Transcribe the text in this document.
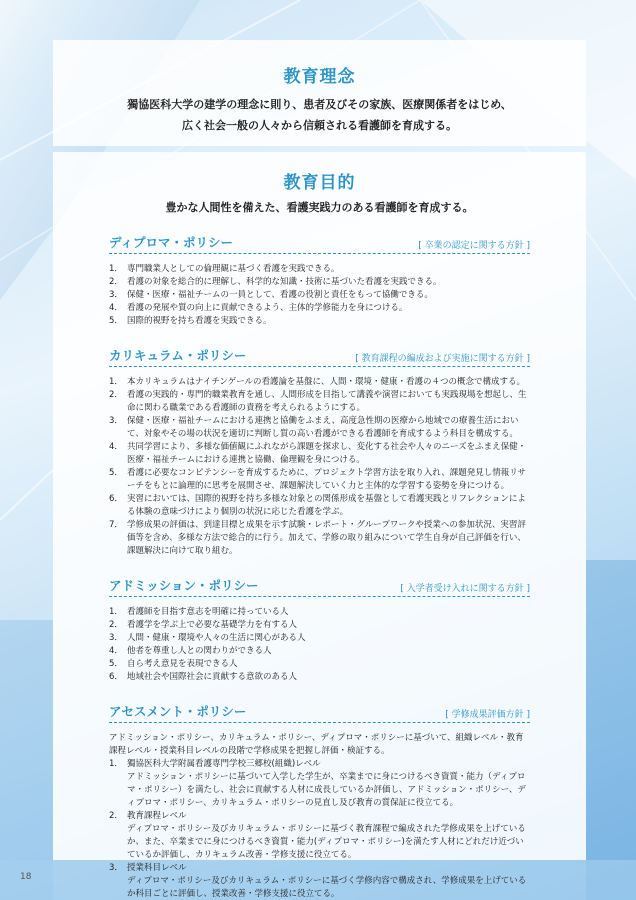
教育理念

獨協医科大学の建学の理念に則り、患者及びその家族、医療関係者をはじめ、
広く社会一般の人々から信頼される看護師を育成する。

教育目的

豊かな人間性を備えた、看護実践力のある看護師を育成する。

ディプロマ・ポリシー	[ 卒業の認定に関する方針 ]
1． 専門職業人としての倫理観に基づく看護を実践できる。
2． 看護の対象を総合的に理解し、科学的な知識・技術に基づいた看護を実践できる。
3． 保健・医療・福祉チームの一員として、看護の役割と責任をもって協働できる。
4． 看護の発展や質の向上に貢献できるよう、主体的学修能力を身につける。
5． 国際的視野を持ち看護を実践できる。
カリキュラム・ポリシー	[ 教育課程の編成および実施に関する方針 ]
1． 本カリキュラムはナイチンゲールの看護論を基盤に、人間・環境・健康・看護の４つの概念で構成する。
2． 看護の実践的・専門的職業教育を通し、人間形成を目指して講義や演習においても実践現場を想起し、生命に関わる職業である看護師の責務を考えられるようにする。
3． 保健・医療・福祉チームにおける連携と協働をふまえ、高度急性期の医療から地域での療養生活において、対象やその場の状況を適切に判断し質の高い看護ができる看護師を育成するよう科目を構成する。
4． 共同学習により、多様な価値観にふれながら課題を探求し、変化する社会や人々のニーズをふまえ保健・医療・福祉チームにおける連携と協働、倫理観を身につける。
5． 看護に必要なコンピテンシーを育成するために、プロジェクト学習方法を取り入れ、課題発見し情報リサーチをもとに論理的に思考を展開させ、課題解決していく力と主体的な学習する姿勢を身につける。
6． 実習においては、国際的視野を持ち多様な対象との関係形成を基盤として看護実践とリフレクションによる体験の意味づけにより個別の状況に応じた看護を学ぶ。
7． 学修成果の評価は、到達目標と成果を示す試験・レポート・グループワークや授業への参加状況、実習評価等を含め、多様な方法で総合的に行う。加えて、学修の取り組みについて学生自身が自己評価を行い、課題解決に向けて取り組む。
アドミッション・ポリシー	[ 入学者受け入れに関する方針 ]
1． 看護師を目指す意志を明確に持っている人
2． 看護学を学ぶ上で必要な基礎学力を有する人
3． 人間・健康・環境や人々の生活に関心がある人
4． 他者を尊重し人との関わりができる人
5． 自ら考え意見を表現できる人
6． 地域社会や国際社会に貢献する意欲のある人
アセスメント・ポリシー	[ 学修成果評価方針 ]

アドミッション・ポリシー、カリキュラム・ポリシー、ディプロマ・ポリシーに基づいて、組織レベル・教育課程レベル・授業科目レベルの段階で学修成果を把握し評価・検証する。

1． 獨協医科大学附属看護専門学校三郷校(組織)レベル
アドミッション・ポリシーに基づいて入学した学生が、卒業までに身につけるべき資質・能力（ディプロマ・ポリシー）を満たし、社会に貢献する人材に成長しているか評価し、アドミッション・ポリシー、ディプロマ・ポリシー、カリキュラム・ポリシーの見直し及び教育の質保証に役立てる。
2． 教育課程レベル
ディプロマ・ポリシー及びカリキュラム・ポリシーに基づく教育課程で編成された学修成果を上げているか、また、卒業までに身につけるべき資質・能力(ディプロマ・ポリシー)を満たす人材にどれだけ近づいているか評価し、カリキュラム改善・学修支援に役立てる。
3． 授業科目レベル
ディプロマ・ポリシー及びカリキュラム・ポリシーに基づく学修内容で構成され、学修成果を上げているか科目ごとに評価し、授業改善・学修支援に役立てる。
18
